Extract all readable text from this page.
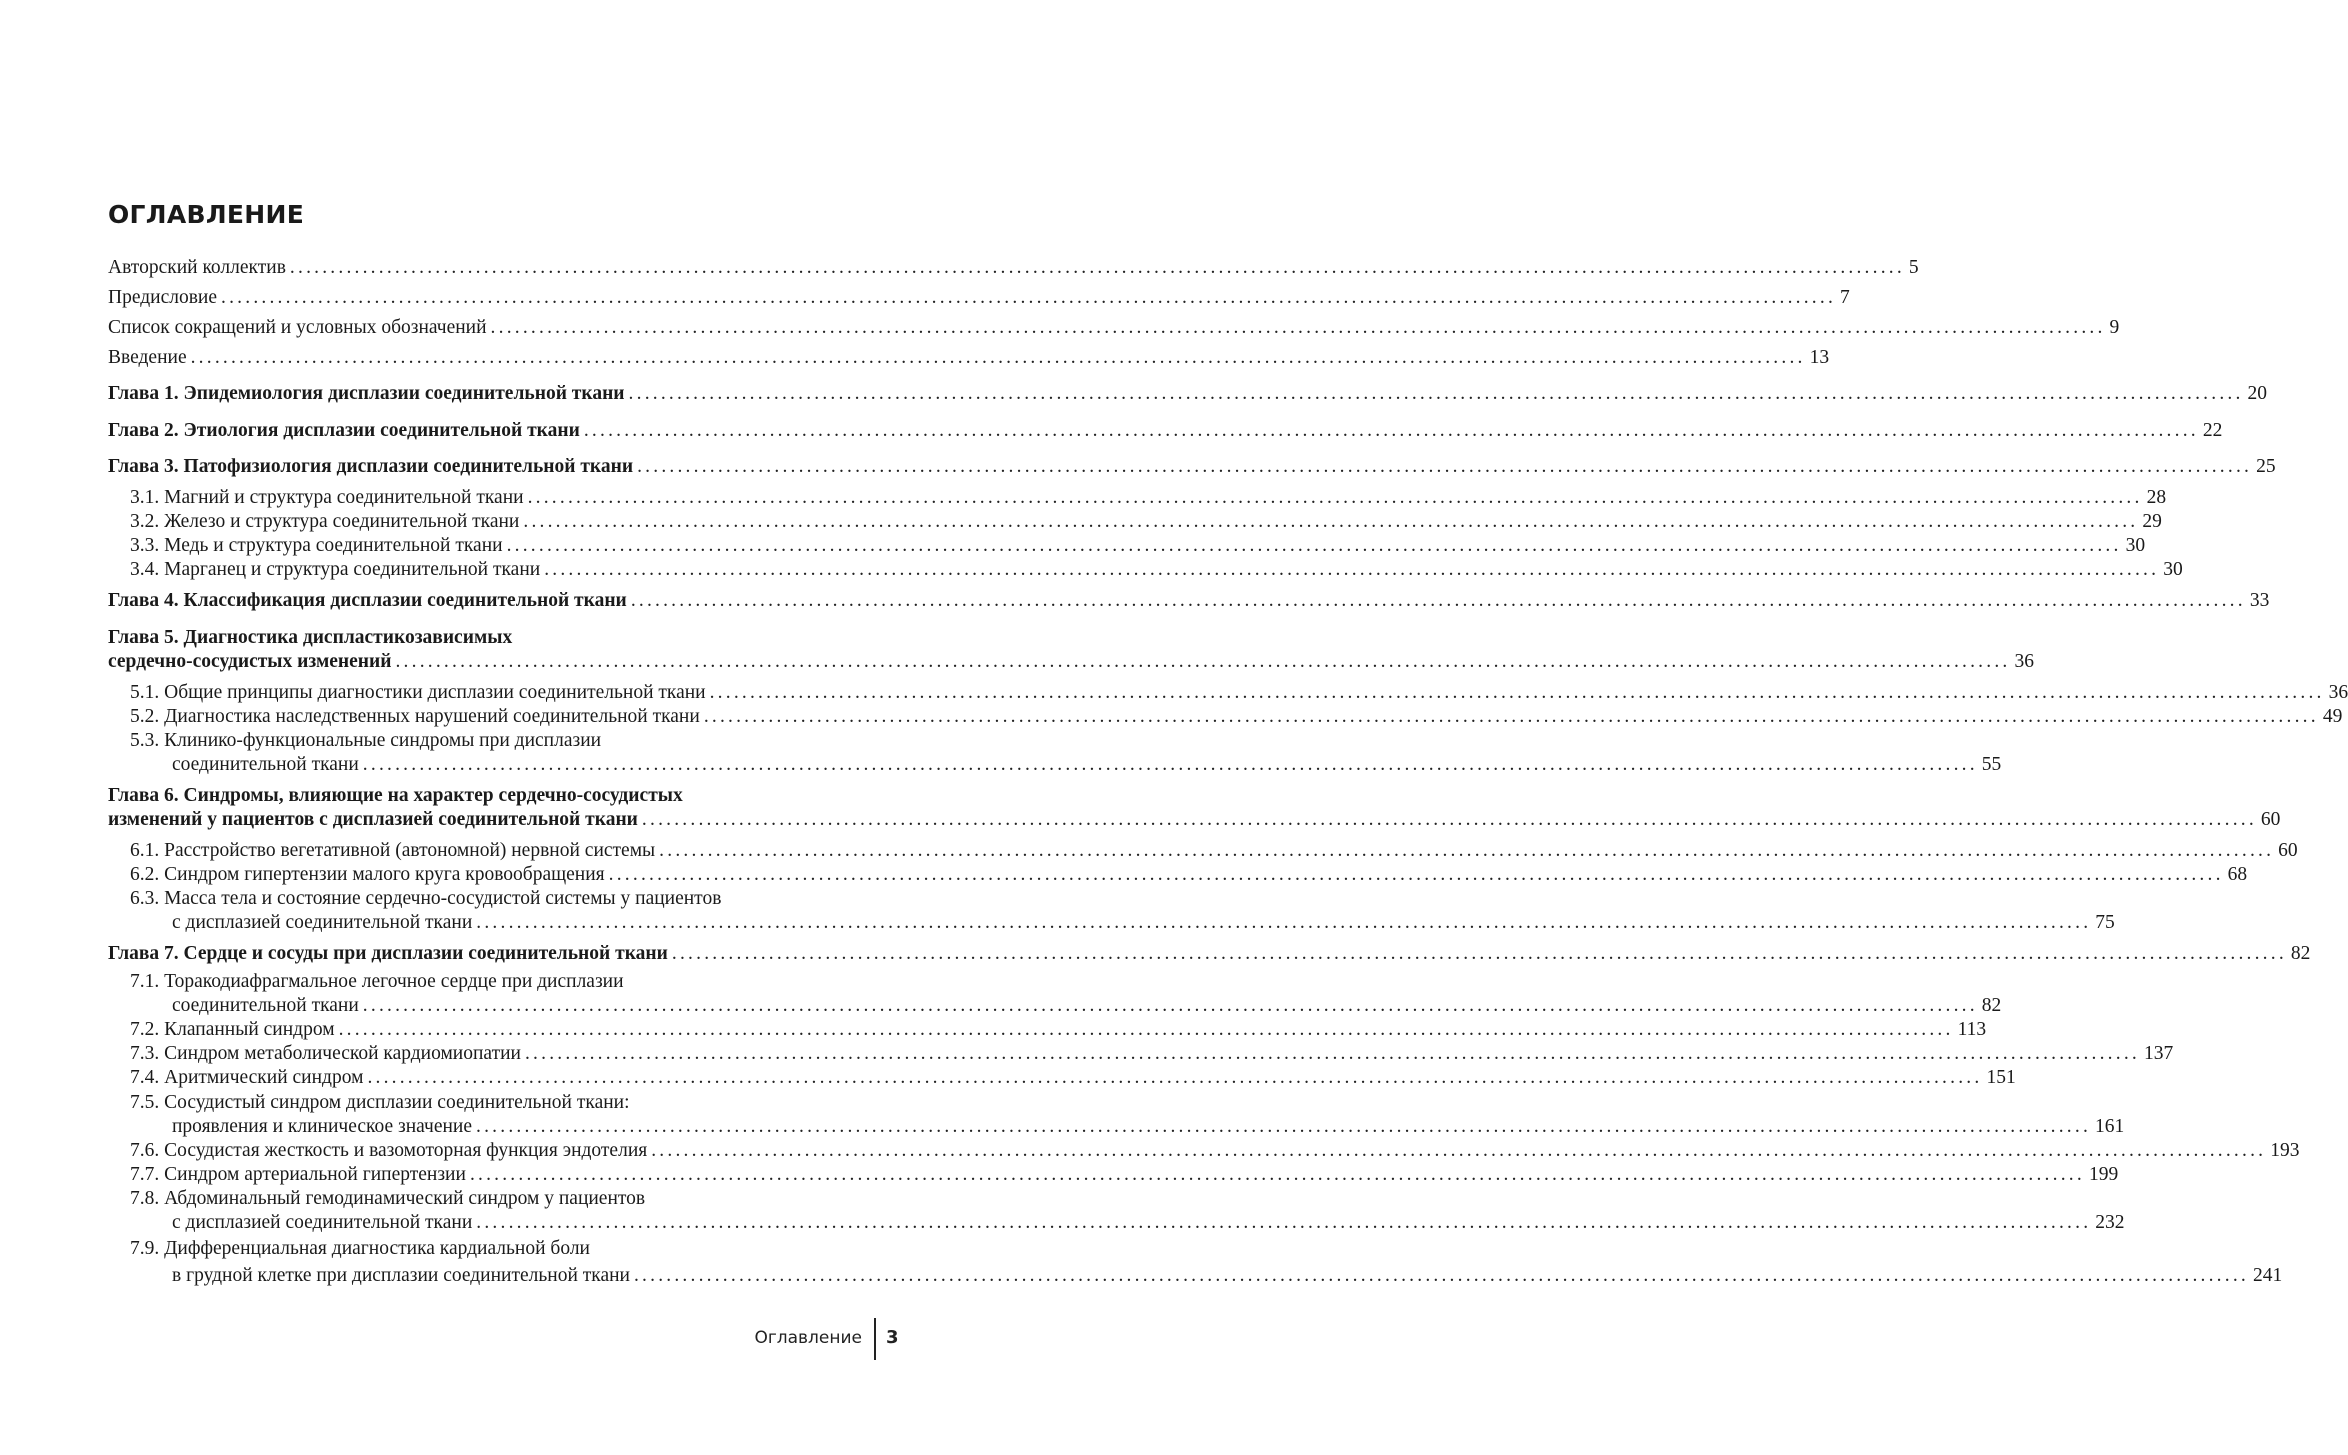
ОГЛАВЛЕНИЕ
Авторский коллектив ........................................................................................................................................................................................................ 5
Предисловие ........................................................................................................................................................................................................ 7
Список сокращений и условных обозначений ........................................................................................................................................................................................................ 9
Введение ........................................................................................................................................................................................................ 13
Глава 1. Эпидемиология дисплазии соединительной ткани ........................................................................................................................................................................................................ 20
Глава 2. Этиология дисплазии соединительной ткани ........................................................................................................................................................................................................ 22
Глава 3. Патофизиология дисплазии соединительной ткани ........................................................................................................................................................................................................ 25
3.1. Магний и структура соединительной ткани ........................................................................................................................................................................................................ 28
3.2. Железо и структура соединительной ткани ........................................................................................................................................................................................................ 29
3.3. Медь и структура соединительной ткани ........................................................................................................................................................................................................ 30
3.4. Марганец и структура соединительной ткани ........................................................................................................................................................................................................ 30
Глава 4. Классификация дисплазии соединительной ткани ........................................................................................................................................................................................................ 33
Глава 5. Диагностика диспластикозависимых
сердечно-сосудистых изменений ........................................................................................................................................................................................................ 36
5.1. Общие принципы диагностики дисплазии соединительной ткани ........................................................................................................................................................................................................ 36
5.2. Диагностика наследственных нарушений соединительной ткани ........................................................................................................................................................................................................ 49
5.3. Клинико-функциональные синдромы при дисплазии
соединительной ткани ........................................................................................................................................................................................................ 55
Глава 6. Синдромы, влияющие на характер сердечно-сосудистых
изменений у пациентов с дисплазией соединительной ткани ........................................................................................................................................................................................................ 60
6.1. Расстройство вегетативной (автономной) нервной системы ........................................................................................................................................................................................................ 60
6.2. Синдром гипертензии малого круга кровообращения ........................................................................................................................................................................................................ 68
6.3. Масса тела и состояние сердечно-сосудистой системы у пациентов
с дисплазией соединительной ткани ........................................................................................................................................................................................................ 75
Глава 7. Сердце и сосуды при дисплазии соединительной ткани ........................................................................................................................................................................................................ 82
7.1. Торакодиафрагмальное легочное сердце при дисплазии
соединительной ткани ........................................................................................................................................................................................................ 82
7.2. Клапанный синдром ........................................................................................................................................................................................................ 113
7.3. Синдром метаболической кардиомиопатии ........................................................................................................................................................................................................ 137
7.4. Аритмический синдром ........................................................................................................................................................................................................ 151
7.5. Сосудистый синдром дисплазии соединительной ткани:
проявления и клиническое значение ........................................................................................................................................................................................................ 161
7.6. Сосудистая жесткость и вазомоторная функция эндотелия ........................................................................................................................................................................................................ 193
7.7. Синдром артериальной гипертензии ........................................................................................................................................................................................................ 199
7.8. Абдоминальный гемодинамический синдром у пациентов
с дисплазией соединительной ткани ........................................................................................................................................................................................................ 232
7.9. Дифференциальная диагностика кардиальной боли
в грудной клетке при дисплазии соединительной ткани ........................................................................................................................................................................................................ 241
Оглавление 3
